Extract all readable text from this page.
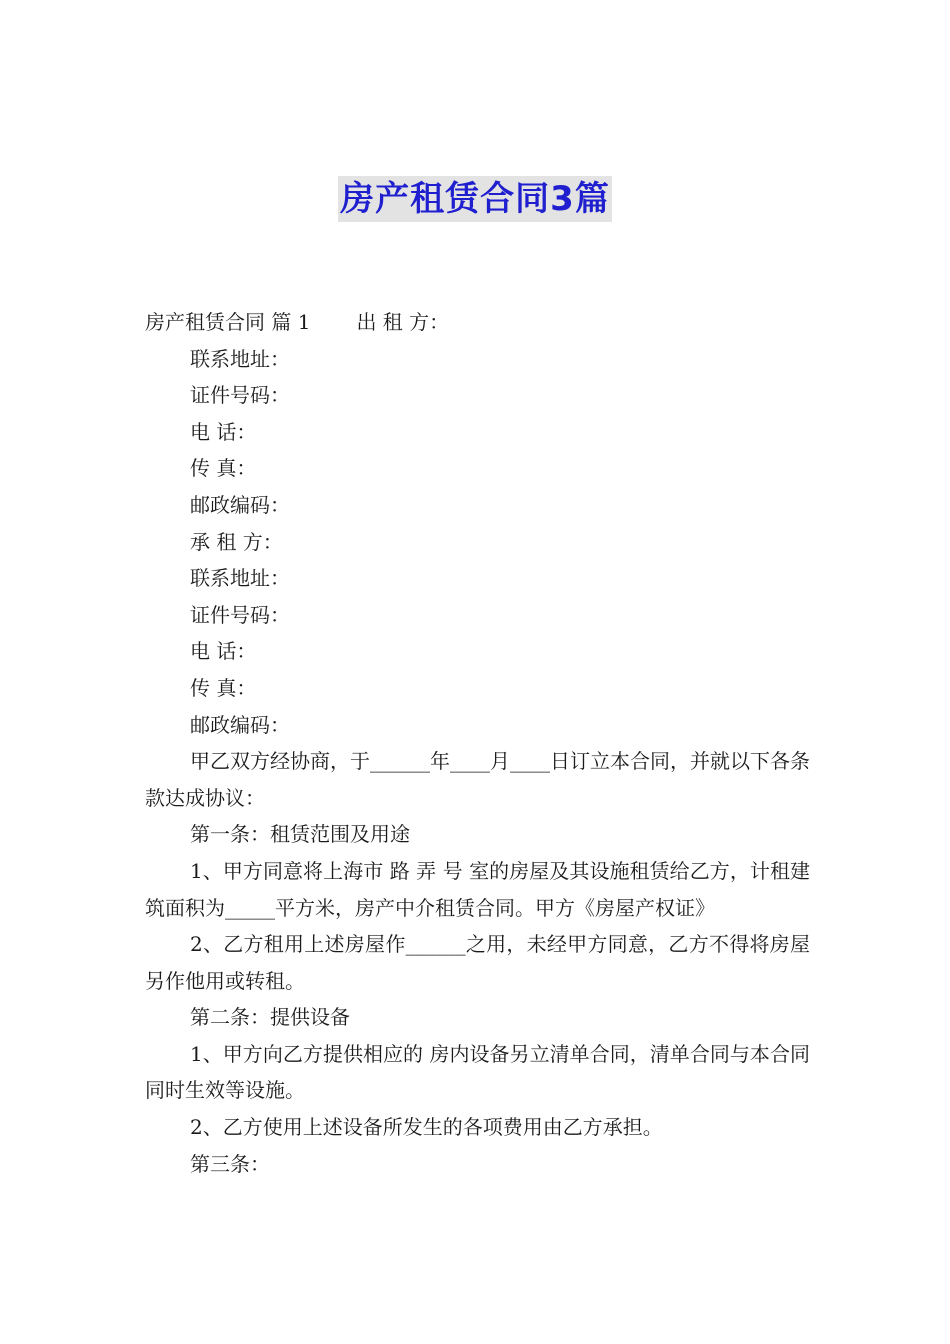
房产租赁合同3篇
房产租赁合同 篇 1 出 租 方：
联系地址：
证件号码：
电 话：
传 真：
邮政编码：
承 租 方：
联系地址：
证件号码：
电 话：
传 真：
邮政编码：
甲乙双方经协商，于______年____月____日订立本合同，并就以下各条款达成协议：
第一条：租赁范围及用途
1、甲方同意将上海市 路 弄 号 室的房屋及其设施租赁给乙方，计租建筑面积为_____平方米，房产中介租赁合同。甲方《房屋产权证》
2、乙方租用上述房屋作______之用，未经甲方同意，乙方不得将房屋另作他用或转租。
第二条：提供设备
1、甲方向乙方提供相应的 房内设备另立清单合同，清单合同与本合同同时生效等设施。
2、乙方使用上述设备所发生的各项费用由乙方承担。
第三条：
